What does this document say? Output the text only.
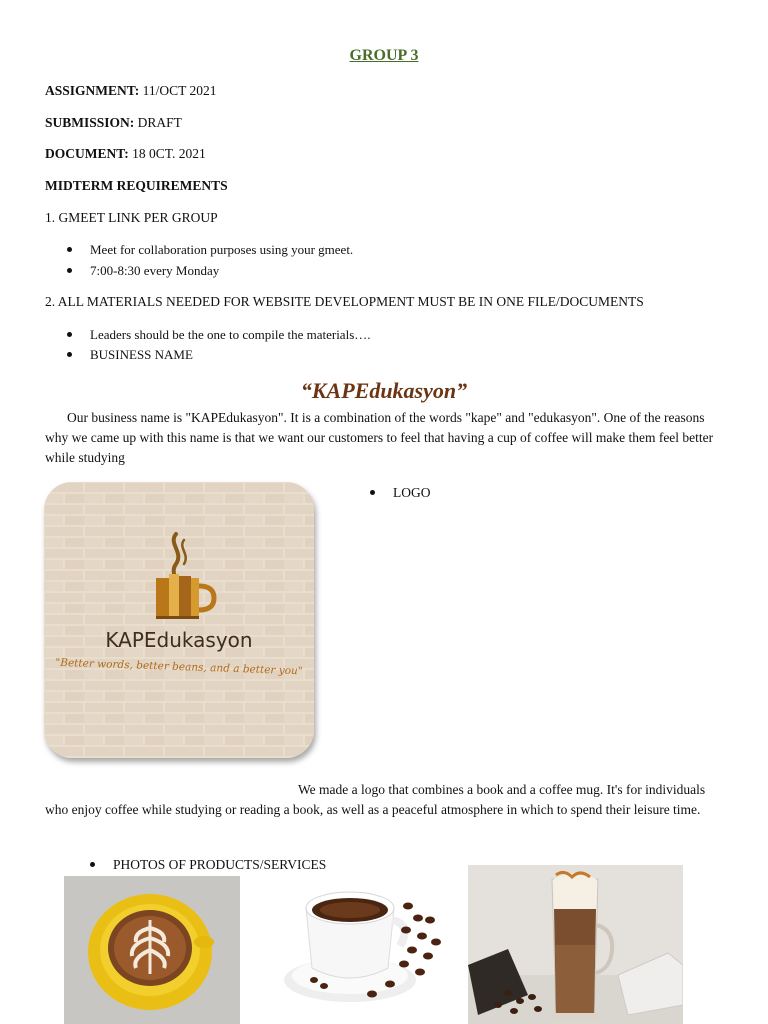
GROUP 3
ASSIGNMENT: 11/OCT 2021
SUBMISSION: DRAFT
DOCUMENT: 18 0CT. 2021
MIDTERM REQUIREMENTS
1. GMEET LINK PER GROUP
Meet for collaboration purposes using your gmeet.
7:00-8:30 every Monday
2. ALL MATERIALS NEEDED FOR WEBSITE DEVELOPMENT MUST BE IN ONE FILE/DOCUMENTS
Leaders should be the one to compile the materials….
BUSINESS NAME
“KAPEdukasyon”
Our business name is "KAPEdukasyon". It is a combination of the words "kape" and "edukasyon". One of the reasons why we came up with this name is that we want our customers to feel that having a cup of coffee will make them feel better while studying
KAPEdukasyon
"Better words, better beans, and a better you"
LOGO
We made a logo that combines a book and a coffee mug. It's for individuals who enjoy coffee while studying or reading a book, as well as a peaceful atmosphere in which to spend their leisure time.
PHOTOS OF PRODUCTS/SERVICES
